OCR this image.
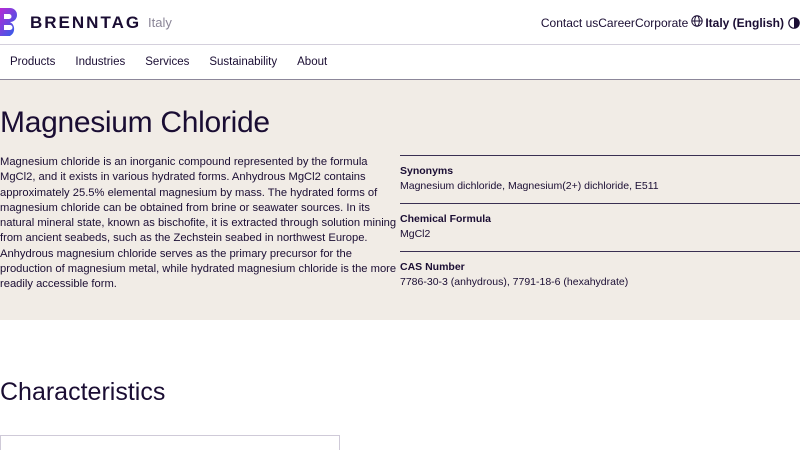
BRENNTAG Italy	Contact us Career Corporate Italy (English)
Products Industries Services Sustainability About
Magnesium Chloride

Magnesium chloride is an inorganic compound represented by the formula MgCl2, and it exists in various hydrated forms. Anhydrous MgCl2 contains approximately 25.5% elemental magnesium by mass. The hydrated forms of magnesium chloride can be obtained from brine or seawater sources. In its natural mineral state, known as bischofite, it is extracted through solution mining from ancient seabeds, such as the Zechstein seabed in northwest Europe. Anhydrous magnesium chloride serves as the primary precursor for the production of magnesium metal, while hydrated magnesium chloride is the more readily accessible form.

Synonyms
Magnesium dichloride, Magnesium(2+) dichloride, E511
Chemical Formula
MgCl2
CAS Number
7786-30-3 (anhydrous), 7791-18-6 (hexahydrate)
Characteristics
